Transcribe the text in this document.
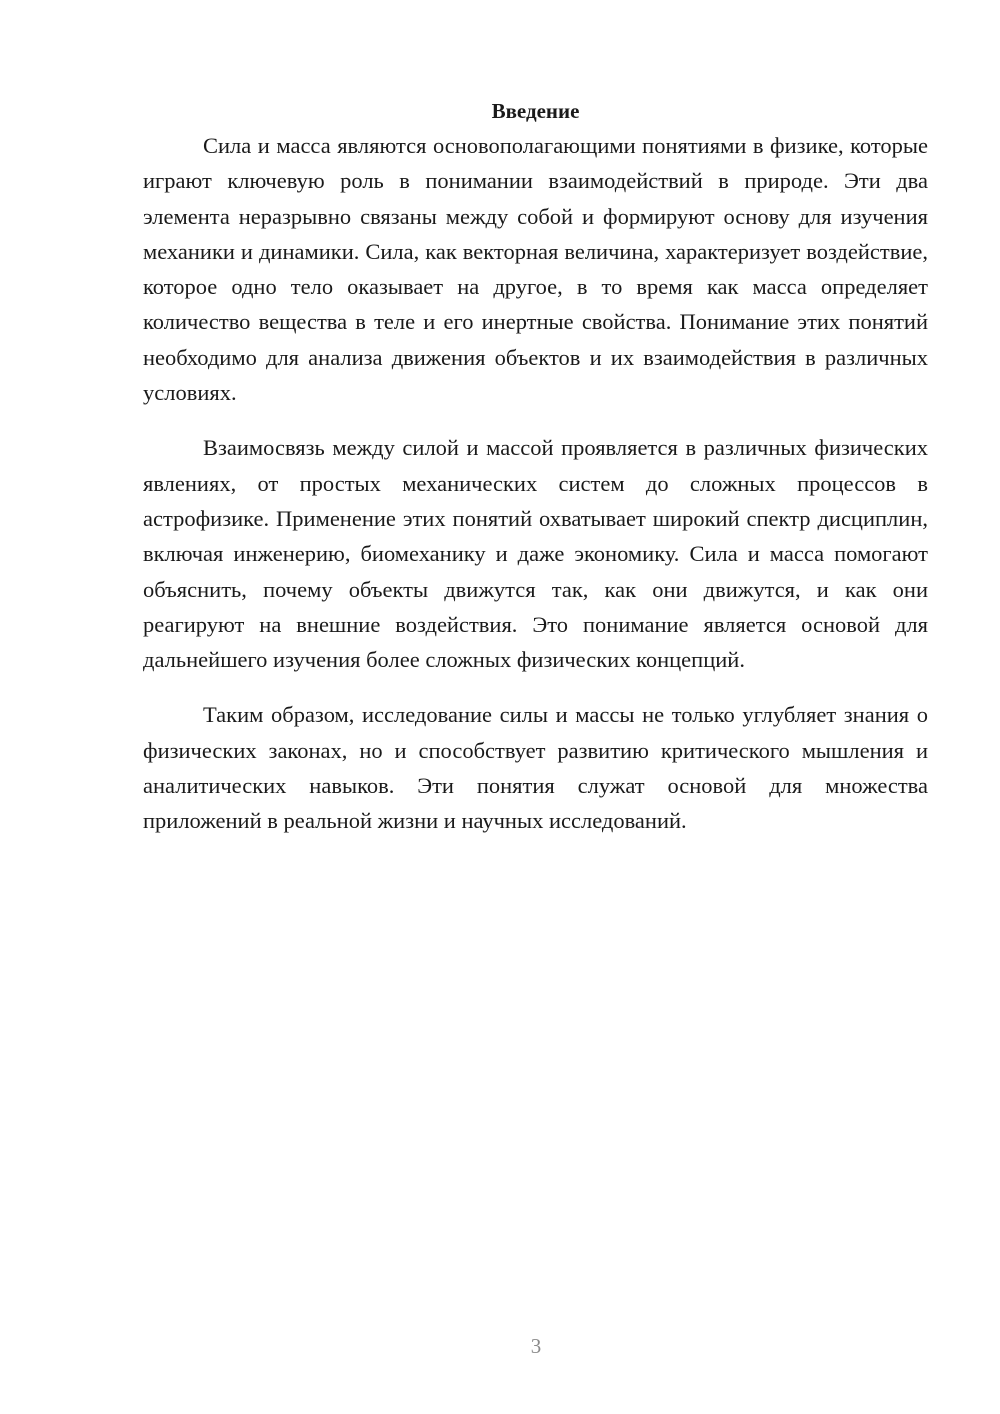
Введение

Сила и масса являются основополагающими понятиями в физике, которые играют ключевую роль в понимании взаимодействий в природе. Эти два элемента неразрывно связаны между собой и формируют основу для изучения механики и динамики. Сила, как векторная величина, характеризует воздействие, которое одно тело оказывает на другое, в то время как масса определяет количество вещества в теле и его инертные свойства. Понимание этих понятий необходимо для анализа движения объектов и их взаимодействия в различных условиях.

Взаимосвязь между силой и массой проявляется в различных физических явлениях, от простых механических систем до сложных процессов в астрофизике. Применение этих понятий охватывает широкий спектр дисциплин, включая инженерию, биомеханику и даже экономику. Сила и масса помогают объяснить, почему объекты движутся так, как они движутся, и как они реагируют на внешние воздействия. Это понимание является основой для дальнейшего изучения более сложных физических концепций.

Таким образом, исследование силы и массы не только углубляет знания о физических законах, но и способствует развитию критического мышления и аналитических навыков. Эти понятия служат основой для множества приложений в реальной жизни и научных исследований.

3
